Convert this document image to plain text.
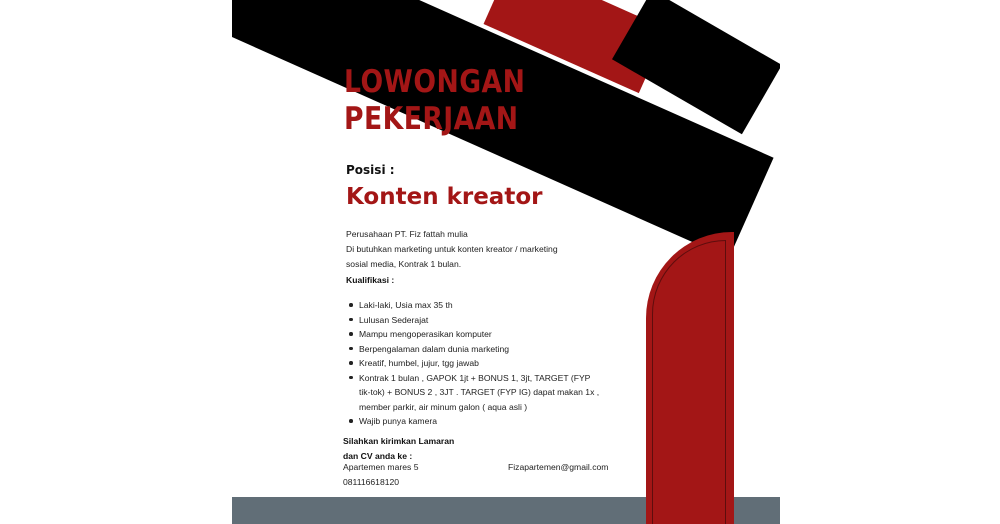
LOWONGAN
PEKERJAAN
Posisi :
Konten kreator
Perusahaan PT. Fiz fattah mulia
Di butuhkan marketing untuk konten kreator / marketing
sosial media, Kontrak 1 bulan.
Kualifikasi :
Laki-laki, Usia max 35 th
Lulusan Sederajat
Mampu mengoperasikan komputer
Berpengalaman dalam dunia marketing
Kreatif, humbel, jujur, tgg jawab
Kontrak 1 bulan , GAPOK 1jt + BONUS 1, 3jt, TARGET (FYP
tik-tok) + BONUS 2 , 3JT . TARGET (FYP IG) dapat makan 1x ,
member parkir, air minum galon ( aqua asli )
Wajib punya kamera
Silahkan kirimkan Lamaran
dan CV anda ke :
Apartemen mares 5	Fizapartemen@gmail.com
081116618120
